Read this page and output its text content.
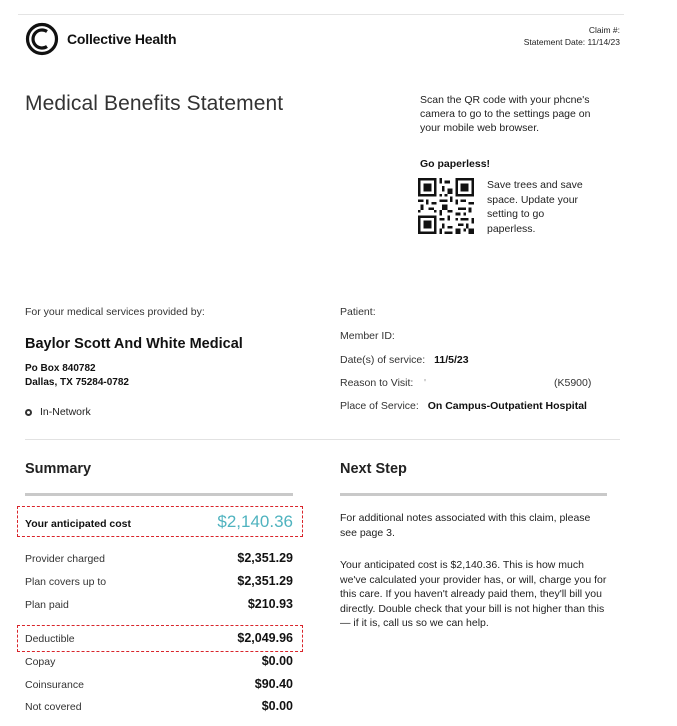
Collective Health
Claim #:
Statement Date: 11/14/23
Medical Benefits Statement	Scan the QR code with your phcne's camera to go to the settings page on your mobile web browser.
Go paperless!
Save trees and save space. Update your setting to go paperless.
For your medical services provided by:
Baylor Scott And White Medical
Po Box 840782
Dallas, TX 75284-0782
In-Network
Patient:
Member ID:
Date(s) of service: 11/5/23
Reason to Visit: '	(K5900)
Place of Service: On Campus-Outpatient Hospital
Summary
Your anticipated cost	$2,140.36
Provider charged	$2,351.29
Plan covers up to	$2,351.29
Plan paid	$210.93
Deductible	$2,049.96
Copay	$0.00
Coinsurance	$90.40
Not covered	$0.00
Next Step
For additional notes associated with this claim, please see page 3.
Your anticipated cost is $2,140.36. This is how much we've calculated your provider has, or will, charge you for this care. If you haven't already paid them, they'll bill you directly. Double check that your bill is not higher than this — if it is, call us so we can help.
